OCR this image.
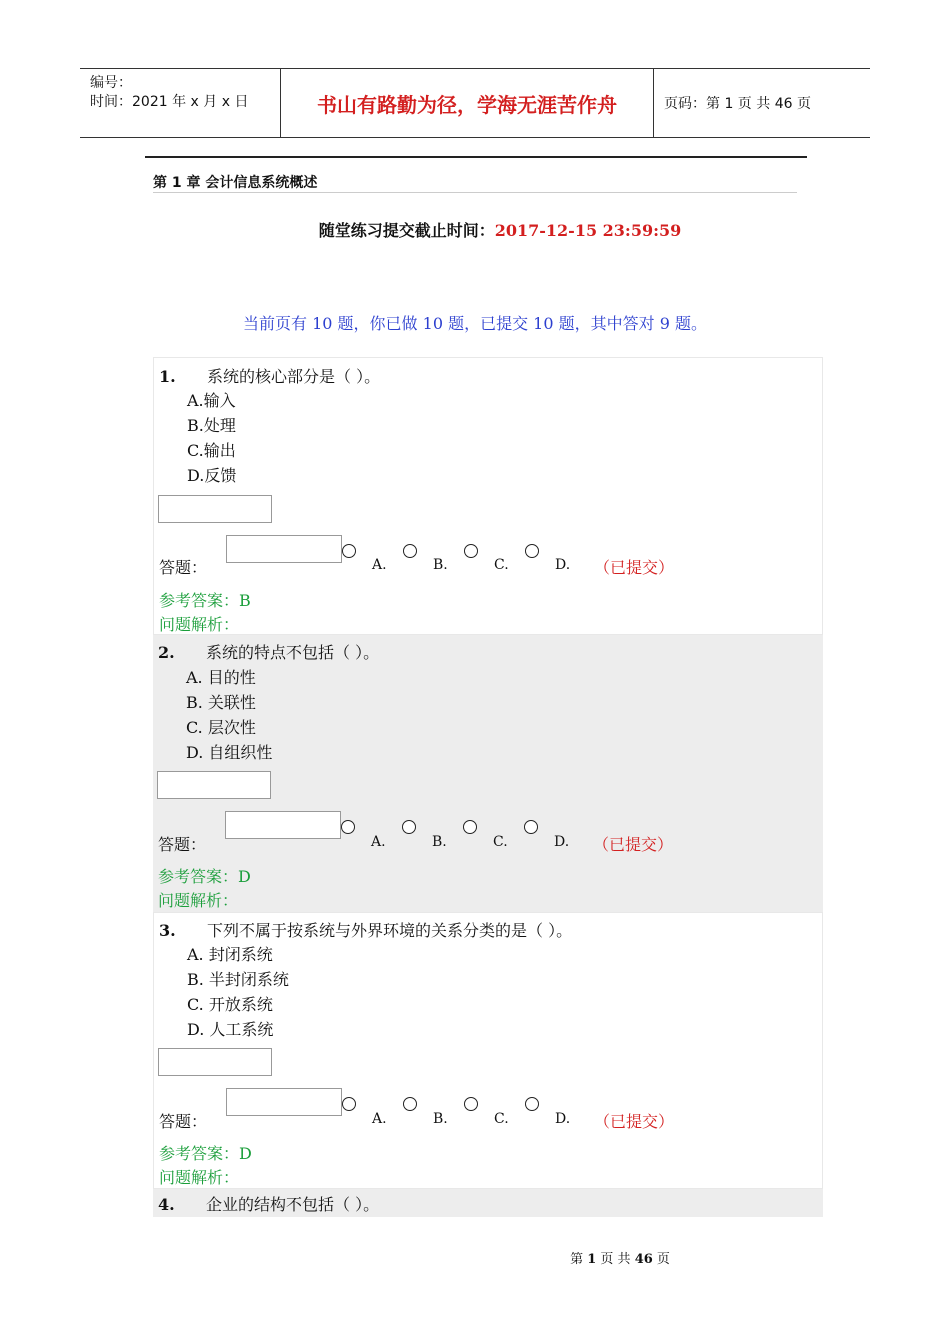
编号：
时间：2021 年 x 月 x 日	书山有路勤为径，学海无涯苦作舟	页码：第 1 页 共 46 页
第 1 章 会计信息系统概述
随堂练习提交截止时间：2017-12-15 23:59:59
当前页有 10 题，你已做 10 题，已提交 10 题，其中答对 9 题。
1. 系统的核心部分是（ ）。
A.输入
B.处理
C.输出
D.反馈
答题：	A.	B.	C.	D. （已提交）
参考答案：B
问题解析：
2. 系统的特点不包括（ ）。
A. 目的性
B. 关联性
C. 层次性
D. 自组织性
答题：	A.	B.	C.	D. （已提交）
参考答案：D
问题解析：
3. 下列不属于按系统与外界环境的关系分类的是（ ）。
A. 封闭系统
B. 半封闭系统
C. 开放系统
D. 人工系统
答题：	A.	B.	C.	D. （已提交）
参考答案：D
问题解析：
4. 企业的结构不包括（ ）。
第 1 页 共 46 页
